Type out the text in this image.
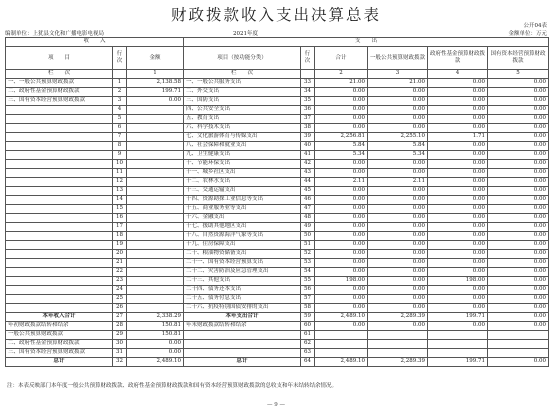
财政拨款收入支出决算总表
公开04表
编制单位：上犹县文化和广播电影电视局	2021年度	金额单位：万元
收　　入			支　　出					
项　　目	行次	金额	项目（按功能分类）	行次	合计	一般公共预算财政拨款	政府性基金预算财政拨款	国有资本经营预算财政拨款
栏　　次		1	栏　　次		2	3	4	5
一、一般公共预算财政拨款	1	2,138.58	一、一般公共服务支出	33	21.00	21.00	0.00	0.00
二、政府性基金预算财政拨款	2	199.71	二、外交支出	34	0.00	0.00	0.00	0.00
三、国有资本经营预算财政拨款	3	0.00	三、国防支出	35	0.00	0.00	0.00	0.00
	4		四、公共安全支出	36	0.00	0.00	0.00	0.00
	5		五、教育支出	37	0.00	0.00	0.00	0.00
	6		六、科学技术支出	38	0.00	0.00	0.00	0.00
	7		七、文化旅游体育与传媒支出	39	2,256.81	2,255.10	1.71	0.00
	8		八、社会保障和就业支出	40	5.84	5.84	0.00	0.00
	9		九、卫生健康支出	41	5.34	5.34	0.00	0.00
	10		十、节能环保支出	42	0.00	0.00	0.00	0.00
	11		十一、城乡社区支出	43	0.00	0.00	0.00	0.00
	12		十二、农林水支出	44	2.11	2.11	0.00	0.00
	13		十三、交通运输支出	45	0.00	0.00	0.00	0.00
	14		十四、资源勘探工业信息等支出	46	0.00	0.00	0.00	0.00
	15		十五、商业服务业等支出	47	0.00	0.00	0.00	0.00
	16		十六、金融支出	48	0.00	0.00	0.00	0.00
	17		十七、援助其他地区支出	49	0.00	0.00	0.00	0.00
	18		十八、自然资源海洋气象等支出	50	0.00	0.00	0.00	0.00
	19		十九、住房保障支出	51	0.00	0.00	0.00	0.00
	20		二十、粮油物资储备支出	52	0.00	0.00	0.00	0.00
	21		二十一、国有资本经营预算支出	53	0.00	0.00	0.00	0.00
	22		二十二、灾害防治及应急管理支出	54	0.00	0.00	0.00	0.00
	23		二十三、其他支出	55	198.00	0.00	198.00	0.00
	24		二十四、债务还本支出	56	0.00	0.00	0.00	0.00
	25		二十五、债务付息支出	57	0.00	0.00	0.00	0.00
	26		二十六、抗疫特别国债安排的支出	58	0.00	0.00	0.00	0.00
本年收入合计	27	2,338.29	本年支出合计	59	2,489.10	2,289.39	199.71	0.00
年初财政拨款结转和结余	28	150.81	年末财政拨款结转和结余	60	0.00	0.00	0.00	0.00
一般公共预算财政拨款	29	150.81		61				
二、政府性基金预算财政拨款	30	0.00		62				
三、国有资本经营预算财政拨款	31	0.00		63				
总计	32	2,489.10	总计	64	2,489.10	2,289.39	199.71	0.00
注：本表反映部门本年度一般公共预算财政拨款、政府性基金预算财政拨款和国有资本经营预算财政拨款的总收支和年末结转结余情况。
— 9 —
